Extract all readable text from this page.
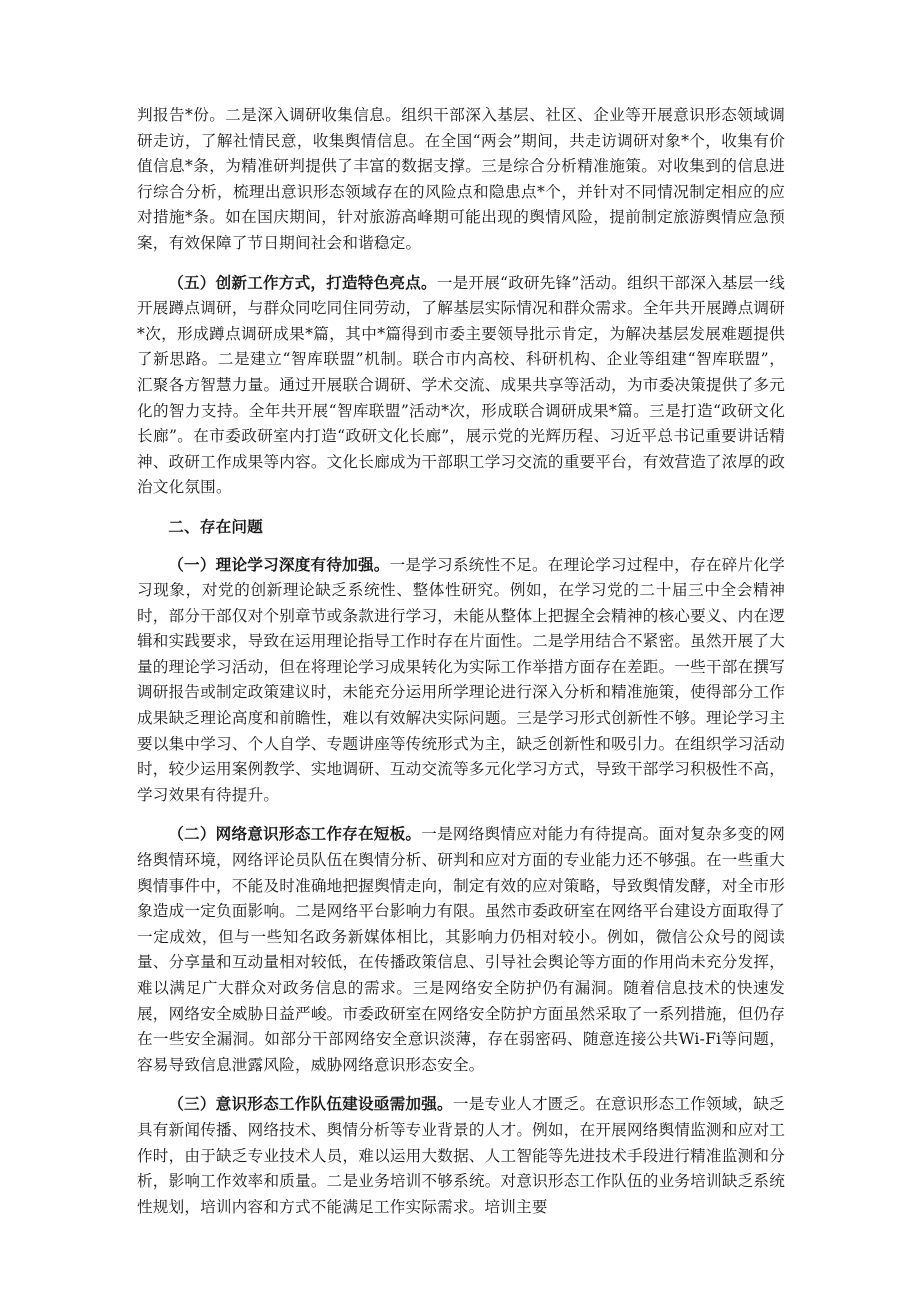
判报告*份。二是深入调研收集信息。组织干部深入基层、社区、企业等开展意识形态领域调研走访，了解社情民意，收集舆情信息。在全国“两会”期间，共走访调研对象*个，收集有价值信息*条，为精准研判提供了丰富的数据支撑。三是综合分析精准施策。对收集到的信息进行综合分析，梳理出意识形态领域存在的风险点和隐患点*个，并针对不同情况制定相应的应对措施*条。如在国庆期间，针对旅游高峰期可能出现的舆情风险，提前制定旅游舆情应急预案，有效保障了节日期间社会和谐稳定。

（五）创新工作方式，打造特色亮点。一是开展“政研先锋”活动。组织干部深入基层一线开展蹲点调研，与群众同吃同住同劳动，了解基层实际情况和群众需求。全年共开展蹲点调研*次，形成蹲点调研成果*篇，其中*篇得到市委主要领导批示肯定，为解决基层发展难题提供了新思路。二是建立“智库联盟”机制。联合市内高校、科研机构、企业等组建“智库联盟”，汇聚各方智慧力量。通过开展联合调研、学术交流、成果共享等活动，为市委决策提供了多元化的智力支持。全年共开展“智库联盟”活动*次，形成联合调研成果*篇。三是打造“政研文化长廊”。在市委政研室内打造“政研文化长廊”，展示党的光辉历程、习近平总书记重要讲话精神、政研工作成果等内容。文化长廊成为干部职工学习交流的重要平台，有效营造了浓厚的政治文化氛围。

二、存在问题

（一）理论学习深度有待加强。一是学习系统性不足。在理论学习过程中，存在碎片化学习现象，对党的创新理论缺乏系统性、整体性研究。例如，在学习党的二十届三中全会精神时，部分干部仅对个别章节或条款进行学习，未能从整体上把握全会精神的核心要义、内在逻辑和实践要求，导致在运用理论指导工作时存在片面性。二是学用结合不紧密。虽然开展了大量的理论学习活动，但在将理论学习成果转化为实际工作举措方面存在差距。一些干部在撰写调研报告或制定政策建议时，未能充分运用所学理论进行深入分析和精准施策，使得部分工作成果缺乏理论高度和前瞻性，难以有效解决实际问题。三是学习形式创新性不够。理论学习主要以集中学习、个人自学、专题讲座等传统形式为主，缺乏创新性和吸引力。在组织学习活动时，较少运用案例教学、实地调研、互动交流等多元化学习方式，导致干部学习积极性不高，学习效果有待提升。

（二）网络意识形态工作存在短板。一是网络舆情应对能力有待提高。面对复杂多变的网络舆情环境，网络评论员队伍在舆情分析、研判和应对方面的专业能力还不够强。在一些重大舆情事件中，不能及时准确地把握舆情走向，制定有效的应对策略，导致舆情发酵，对全市形象造成一定负面影响。二是网络平台影响力有限。虽然市委政研室在网络平台建设方面取得了一定成效，但与一些知名政务新媒体相比，其影响力仍相对较小。例如，微信公众号的阅读量、分享量和互动量相对较低，在传播政策信息、引导社会舆论等方面的作用尚未充分发挥，难以满足广大群众对政务信息的需求。三是网络安全防护仍有漏洞。随着信息技术的快速发展，网络安全威胁日益严峻。市委政研室在网络安全防护方面虽然采取了一系列措施，但仍存在一些安全漏洞。如部分干部网络安全意识淡薄，存在弱密码、随意连接公共Wi-Fi等问题，容易导致信息泄露风险，威胁网络意识形态安全。

（三）意识形态工作队伍建设亟需加强。一是专业人才匮乏。在意识形态工作领域，缺乏具有新闻传播、网络技术、舆情分析等专业背景的人才。例如，在开展网络舆情监测和应对工作时，由于缺乏专业技术人员，难以运用大数据、人工智能等先进技术手段进行精准监测和分析，影响工作效率和质量。二是业务培训不够系统。对意识形态工作队伍的业务培训缺乏系统性规划，培训内容和方式不能满足工作实际需求。培训主要
